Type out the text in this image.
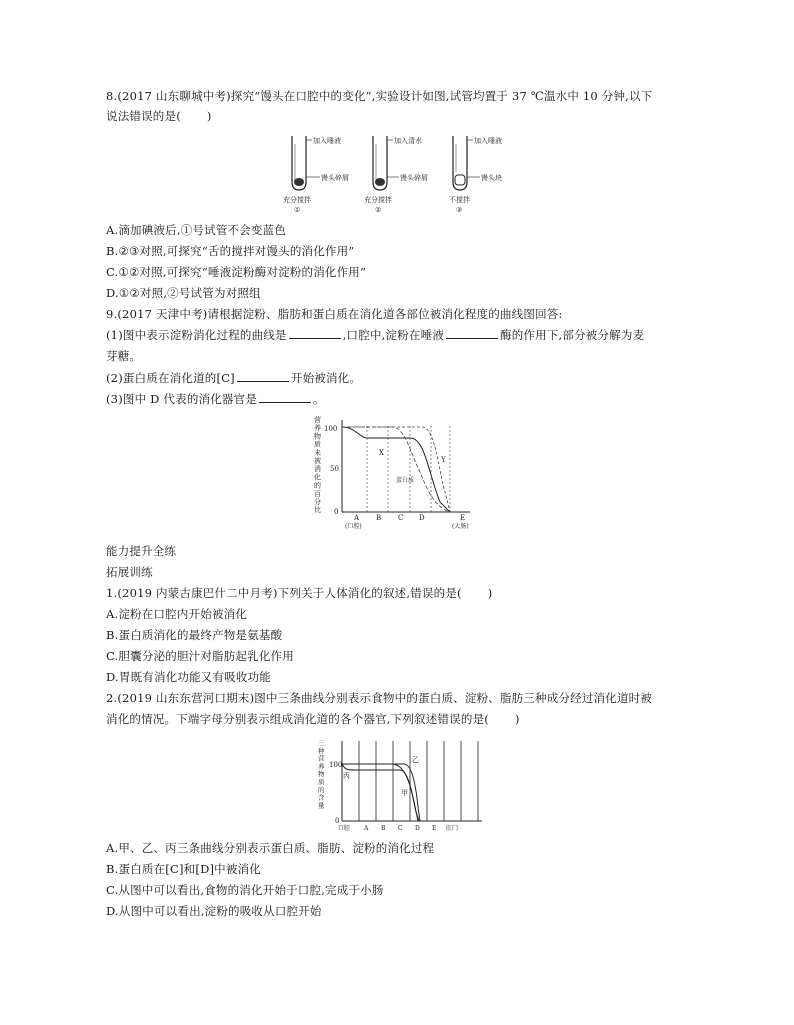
8.(2017 山东聊城中考)探究“馒头在口腔中的变化”,实验设计如图,试管均置于 37 ℃温水中 10 分钟,以下
说法错误的是( )
加入唾液
馒头碎屑
充分搅拌
①
加入清水
馒头碎屑
充分搅拌
②
加入唾液
馒头块
不搅拌
③
A.滴加碘液后,①号试管不会变蓝色
B.②③对照,可探究“舌的搅拌对馒头的消化作用”
C.①②对照,可探究“唾液淀粉酶对淀粉的消化作用”
D.①②对照,②号试管为对照组
9.(2017 天津中考)请根据淀粉、脂肪和蛋白质在消化道各部位被消化程度的曲线图回答:
(1)图中表示淀粉消化过程的曲线是	,口腔中,淀粉在唾液	酶的作用下,部分被分解为麦
芽糖。
(2)蛋白质在消化道的[C]	开始被消化。
(3)图中 D 代表的消化器官是	。
营
养
物
质
未
被
消
化
的
百
分
比
100
50
0
X
Y
蛋白质
A B C D	E
(口腔)	(大肠)
能力提升全练
拓展训练
1.(2019 内蒙古康巴什二中月考)下列关于人体消化的叙述,错误的是( )
A.淀粉在口腔内开始被消化
B.蛋白质消化的最终产物是氨基酸
C.胆囊分泌的胆汁对脂肪起乳化作用
D.胃既有消化功能又有吸收功能
2.(2019 山东东营河口期末)图中三条曲线分别表示食物中的蛋白质、淀粉、脂肪三种成分经过消化道时被
消化的情况。下端字母分别表示组成消化道的各个器官,下列叙述错误的是( )
三
种
营
养
物
质
的
含
量
100
0
乙
丙
甲
口腔 A B C D E 肛门
A.甲、乙、丙三条曲线分别表示蛋白质、脂肪、淀粉的消化过程
B.蛋白质在[C]和[D]中被消化
C.从图中可以看出,食物的消化开始于口腔,完成于小肠
D.从图中可以看出,淀粉的吸收从口腔开始
